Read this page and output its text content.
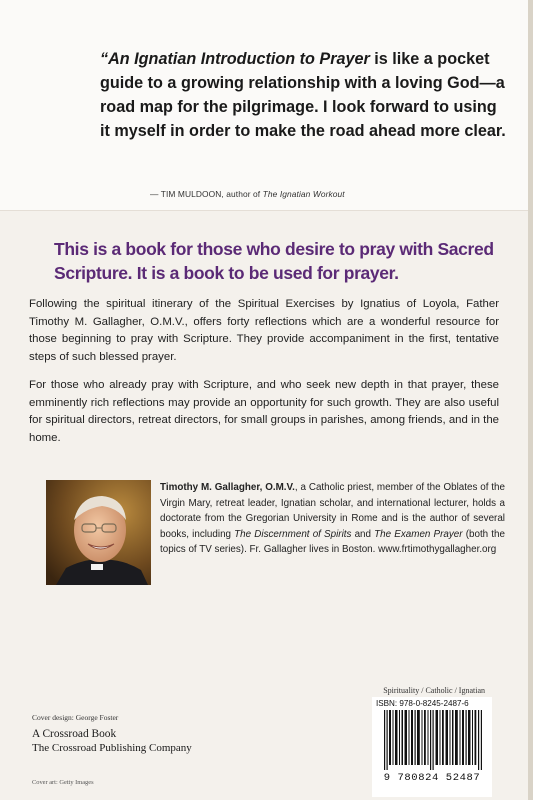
“An Ignatian Introduction to Prayer is like a pocket guide to a growing relationship with a loving God—a road map for the pilgrimage. I look forward to using it myself in order to make the road ahead more clear.
— TIM MULDOON, author of The Ignatian Workout
This is a book for those who desire to pray with Sacred Scripture. It is a book to be used for prayer.
Following the spiritual itinerary of the Spiritual Exercises by Ignatius of Loyola, Father Timothy M. Gallagher, O.M.V., offers forty reflections which are a wonderful resource for those beginning to pray with Scripture. They provide accompaniment in the first, tentative steps of such blessed prayer.
For those who already pray with Scripture, and who seek new depth in that prayer, these emminently rich reflections may provide an opportunity for such growth. They are also useful for spiritual directors, retreat directors, for small groups in parishes, among friends, and in the home.
Timothy M. Gallagher, O.M.V., a Catholic priest, member of the Oblates of the Virgin Mary, retreat leader, Ignatian scholar, and international lecturer, holds a doctorate from the Gregorian University in Rome and is the author of several books, including The Discernment of Spirits and The Examen Prayer (both the topics of TV series). Fr. Gallagher lives in Boston. www.frtimothygallagher.org
Spirituality / Catholic / Ignatian
ISBN: 978-0-8245-2487-6
9 780824 52487
Cover design: George Foster
A Crossroad Book
The Crossroad Publishing Company
Cover art: Getty Images
